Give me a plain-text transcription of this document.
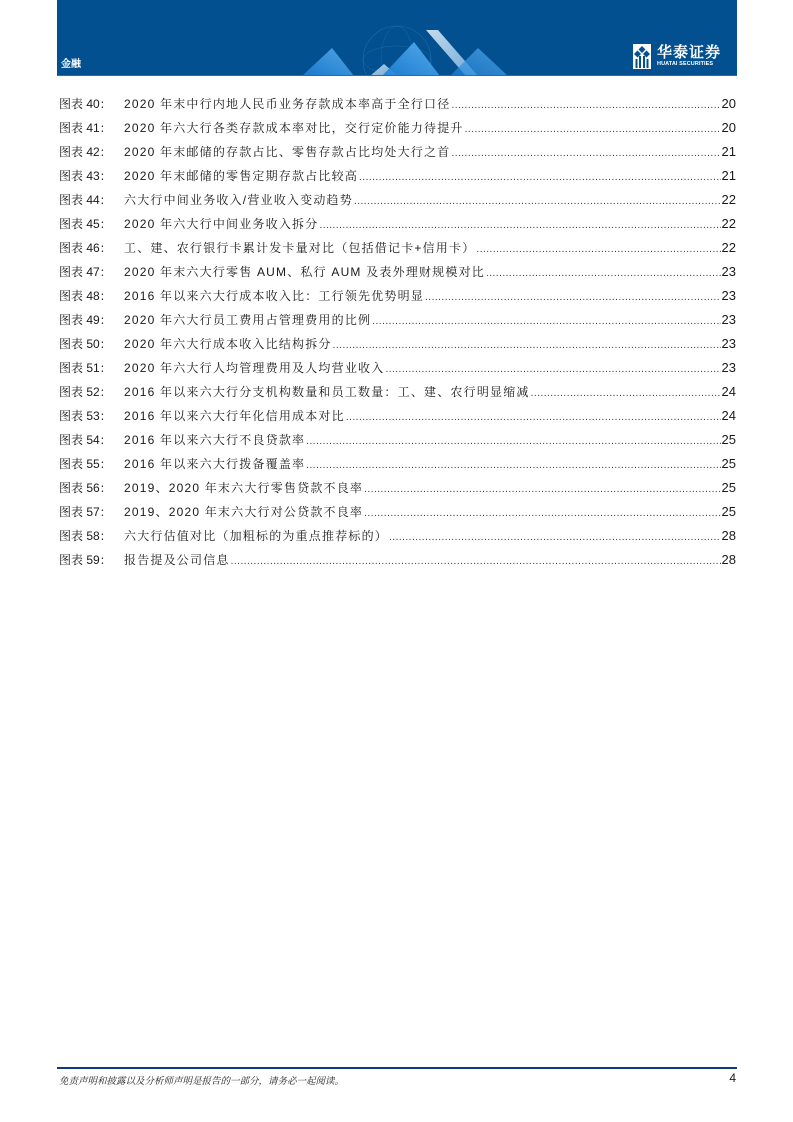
金融
华泰证券
HUATAI SECURITIES
图表 40：	2020 年末中行内地人民币业务存款成本率高于全行口径 .....	20
图表 41：	2020 年六大行各类存款成本率对比，交行定价能力待提升 .....	20
图表 42：	2020 年末邮储的存款占比、零售存款占比均处大行之首 .....	21
图表 43：	2020 年末邮储的零售定期存款占比较高 .....	21
图表 44：	六大行中间业务收入/营业收入变动趋势 .....	22
图表 45：	2020 年六大行中间业务收入拆分 .....	22
图表 46：	工、建、农行银行卡累计发卡量对比（包括借记卡+信用卡） .....	22
图表 47：	2020 年末六大行零售 AUM、私行 AUM 及表外理财规模对比 .....	23
图表 48：	2016 年以来六大行成本收入比：工行领先优势明显 .....	23
图表 49：	2020 年六大行员工费用占管理费用的比例 .....	23
图表 50：	2020 年六大行成本收入比结构拆分 .....	23
图表 51：	2020 年六大行人均管理费用及人均营业收入 .....	23
图表 52：	2016 年以来六大行分支机构数量和员工数量：工、建、农行明显缩减 .....	24
图表 53：	2016 年以来六大行年化信用成本对比 .....	24
图表 54：	2016 年以来六大行不良贷款率 .....	25
图表 55：	2016 年以来六大行拨备覆盖率 .....	25
图表 56：	2019、2020 年末六大行零售贷款不良率 .....	25
图表 57：	2019、2020 年末六大行对公贷款不良率 .....	25
图表 58：	六大行估值对比（加粗标的为重点推荐标的） .....	28
图表 59：	报告提及公司信息 .....	28
免责声明和披露以及分析师声明是报告的一部分，请务必一起阅读。	4
